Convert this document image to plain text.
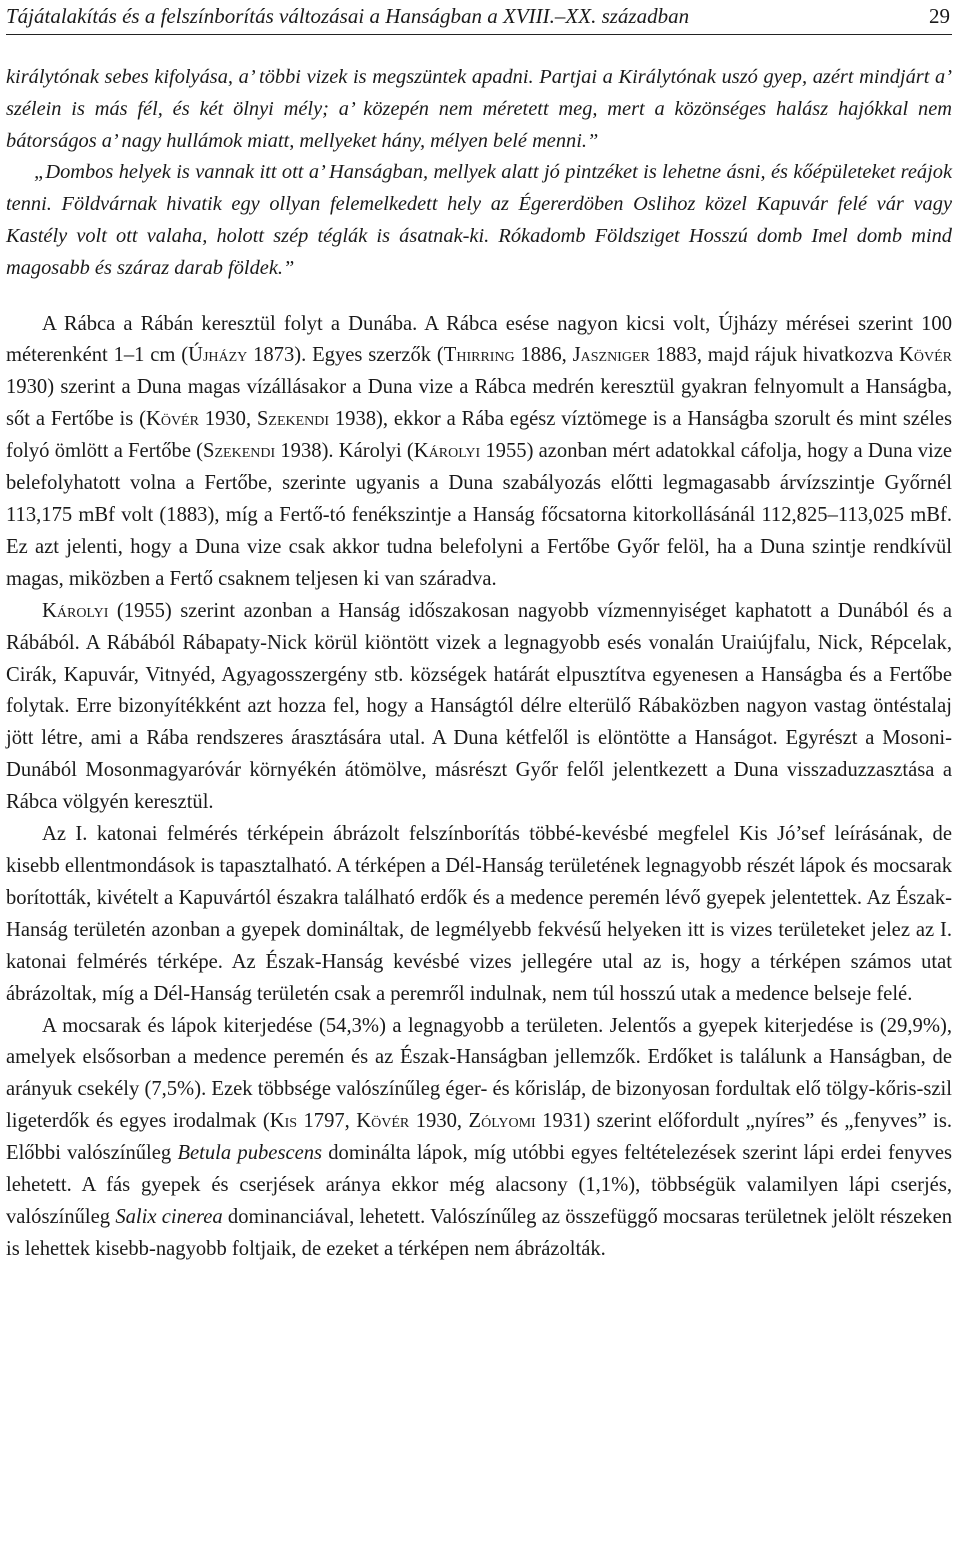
Tájátalakítás és a felszínborítás változásai a Hanságban a XVIII.–XX. században	29

királytónak sebes kifolyása, a’ többi vizek is megszüntek apadni. Partjai a Királytónak uszó gyep, azért mindjárt a’ szélein is más fél, és két ölnyi mély; a’ közepén nem méretett meg, mert a közönséges halász hajókkal nem bátorságos a’ nagy hullámok miatt, mellyeket hány, mélyen belé menni.”

„Dombos helyek is vannak itt ott a’ Hanságban, mellyek alatt jó pintzéket is lehetne ásni, és kőépületeket reájok tenni. Földvárnak hivatik egy ollyan felemelkedett hely az Égererdöben Oslihoz közel Kapuvár felé vár vagy Kastély volt ott valaha, holott szép téglák is ásatnak-ki. Rókadomb Földsziget Hosszú domb Imel domb mind magosabb és száraz darab földek.”

A Rábca a Rábán keresztül folyt a Dunába. A Rábca esése nagyon kicsi volt, Újházy mérései szerint 100 méterenként 1–1 cm (Újházy 1873). Egyes szerzők (Thirring 1886, Jaszniger 1883, majd rájuk hivatkozva Kövér 1930) szerint a Duna magas vízállásakor a Duna vize a Rábca medrén keresztül gyakran felnyomult a Hanságba, sőt a Fertőbe is (Kövér 1930, Szekendi 1938), ekkor a Rába egész víztömege is a Hanságba szorult és mint széles folyó ömlött a Fertőbe (Szekendi 1938). Károlyi (Károlyi 1955) azonban mért adatokkal cáfolja, hogy a Duna vize belefolyhatott volna a Fertőbe, szerinte ugyanis a Duna szabályozás előtti legmagasabb árvízszintje Győrnél 113,175 mBf volt (1883), míg a Fertő-tó fenékszintje a Hanság főcsatorna kitorkollásánál 112,825–113,025 mBf. Ez azt jelenti, hogy a Duna vize csak akkor tudna belefolyni a Fertőbe Győr felöl, ha a Duna szintje rendkívül magas, miközben a Fertő csaknem teljesen ki van száradva.

Károlyi (1955) szerint azonban a Hanság időszakosan nagyobb vízmennyiséget kaphatott a Dunából és a Rábából. A Rábából Rábapaty-Nick körül kiöntött vizek a legnagyobb esés vonalán Uraiújfalu, Nick, Répcelak, Cirák, Kapuvár, Vitnyéd, Agyagosszergény stb. községek határát elpusztítva egyenesen a Hanságba és a Fertőbe folytak. Erre bizonyítékként azt hozza fel, hogy a Hanságtól délre elterülő Rábaközben nagyon vastag öntéstalaj jött létre, ami a Rába rendszeres árasztására utal. A Duna kétfelől is elöntötte a Hanságot. Egyrészt a Mosoni-Dunából Mosonmagyaróvár környékén átömölve, másrészt Győr felől jelentkezett a Duna visszaduzzasztása a Rábca völgyén keresztül.

Az I. katonai felmérés térképein ábrázolt felszínborítás többé-kevésbé megfelel Kis Jó’sef leírásának, de kisebb ellentmondások is tapasztalható. A térképen a Dél-Hanság területének legnagyobb részét lápok és mocsarak borították, kivételt a Kapuvártól északra található erdők és a medence peremén lévő gyepek jelentettek. Az Észak-Hanság területén azonban a gyepek domináltak, de legmélyebb fekvésű helyeken itt is vizes területeket jelez az I. katonai felmérés térképe. Az Észak-Hanság kevésbé vizes jellegére utal az is, hogy a térképen számos utat ábrázoltak, míg a Dél-Hanság területén csak a peremről indulnak, nem túl hosszú utak a medence belseje felé.

A mocsarak és lápok kiterjedése (54,3%) a legnagyobb a területen. Jelentős a gyepek kiterjedése is (29,9%), amelyek elsősorban a medence peremén és az Észak-Hanságban jellemzők. Erdőket is találunk a Hanságban, de arányuk csekély (7,5%). Ezek többsége valószínűleg éger- és kőrisláp, de bizonyosan fordultak elő tölgy-kőris-szil ligeterdők és egyes irodalmak (Kis 1797, Kövér 1930, Zólyomi 1931) szerint előfordult „nyíres” és „fenyves” is. Előbbi valószínűleg Betula pubescens dominálta lápok, míg utóbbi egyes feltételezések szerint lápi erdei fenyves lehetett. A fás gyepek és cserjések aránya ekkor még alacsony (1,1%), többségük valamilyen lápi cserjés, valószínűleg Salix cinerea dominanciával, lehetett. Valószínűleg az összefüggő mocsaras területnek jelölt részeken is lehettek kisebb-nagyobb foltjaik, de ezeket a térképen nem ábrázolták.
